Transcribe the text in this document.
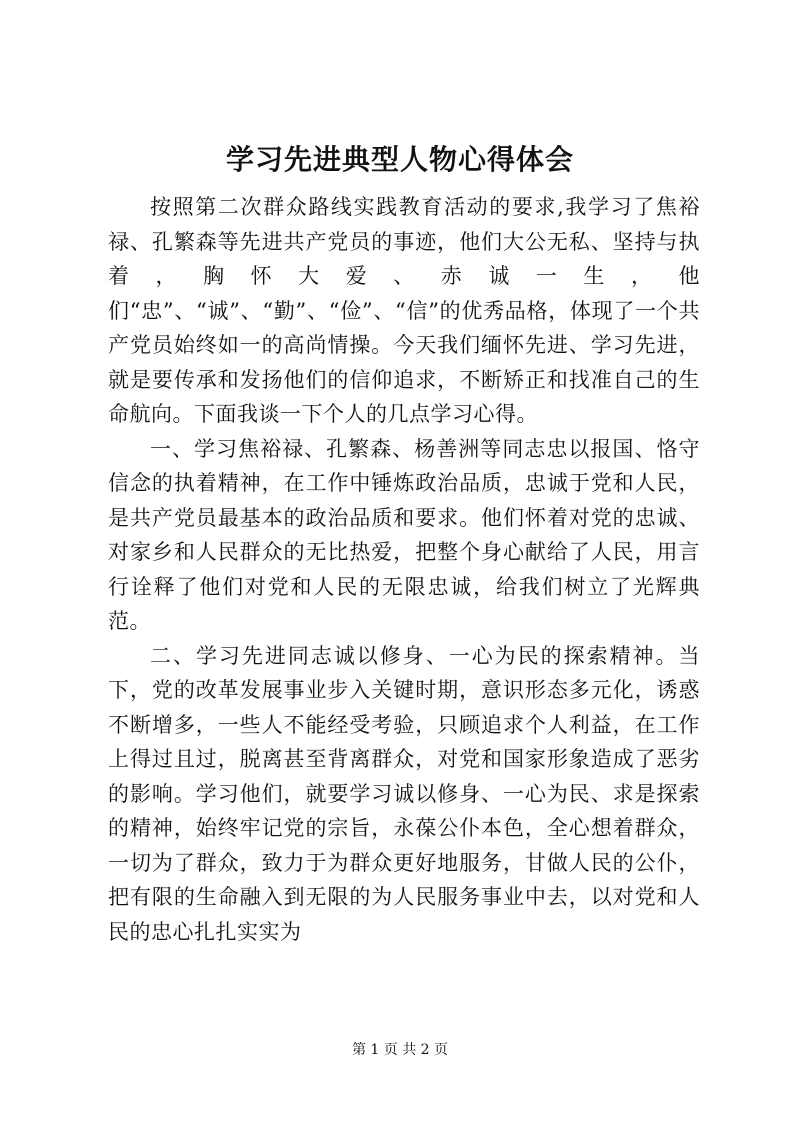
学习先进典型人物心得体会

按照第二次群众路线实践教育活动的要求,我学习了焦裕禄、孔繁森等先进共产党员的事迹，他们大公无私、坚持与执着，胸怀大爱、赤诚一生，他们“忠”、“诚”、“勤”、“俭”、“信”的优秀品格，体现了一个共产党员始终如一的高尚情操。今天我们缅怀先进、学习先进，就是要传承和发扬他们的信仰追求，不断矫正和找准自己的生命航向。下面我谈一下个人的几点学习心得。

一、学习焦裕禄、孔繁森、杨善洲等同志忠以报国、恪守信念的执着精神，在工作中锤炼政治品质，忠诚于党和人民，是共产党员最基本的政治品质和要求。他们怀着对党的忠诚、对家乡和人民群众的无比热爱，把整个身心献给了人民，用言行诠释了他们对党和人民的无限忠诚，给我们树立了光辉典范。

二、学习先进同志诚以修身、一心为民的探索精神。当下，党的改革发展事业步入关键时期，意识形态多元化，诱惑不断增多，一些人不能经受考验，只顾追求个人利益，在工作上得过且过，脱离甚至背离群众，对党和国家形象造成了恶劣的影响。学习他们，就要学习诚以修身、一心为民、求是探索的精神，始终牢记党的宗旨，永葆公仆本色，全心想着群众，一切为了群众，致力于为群众更好地服务，甘做人民的公仆，把有限的生命融入到无限的为人民服务事业中去，以对党和人民的忠心扎扎实实为

第 1 页 共 2 页
